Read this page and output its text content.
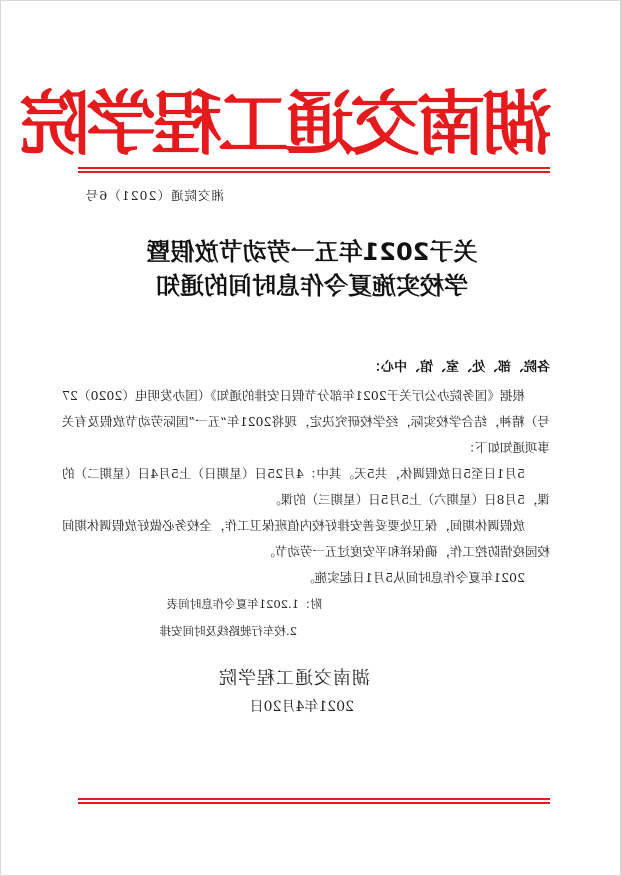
湖南交通工程学院
湘交院通（2021）6号
关于2021年五一劳动节放假暨
学校实施夏令作息时间的通知
各院、部、处、室、馆、中心：

根据《国务院办公厅关于2021年部分节假日安排的通知》（国办发明电（2020）27号）精神，结合学校实际，经学校研究决定，现将2021年“五一”国际劳动节放假及有关事项通知如下：

5月1日至5日放假调休，共5天。其中：4月25日（星期日）上5月4日（星期二）的课，5月8日（星期六）上5月5日（星期三）的课。

放假调休期间，保卫处要妥善安排好校内值班保卫工作，全校务必做好放假调休期间校园疫情防控工作，确保祥和平安度过五一劳动节。

2021年夏令作息时间从5月1日起实施。

附：1.2021年夏令作息时间表
2.校车行驶路线及时间安排
湖南交通工程学院
2021年4月20日
